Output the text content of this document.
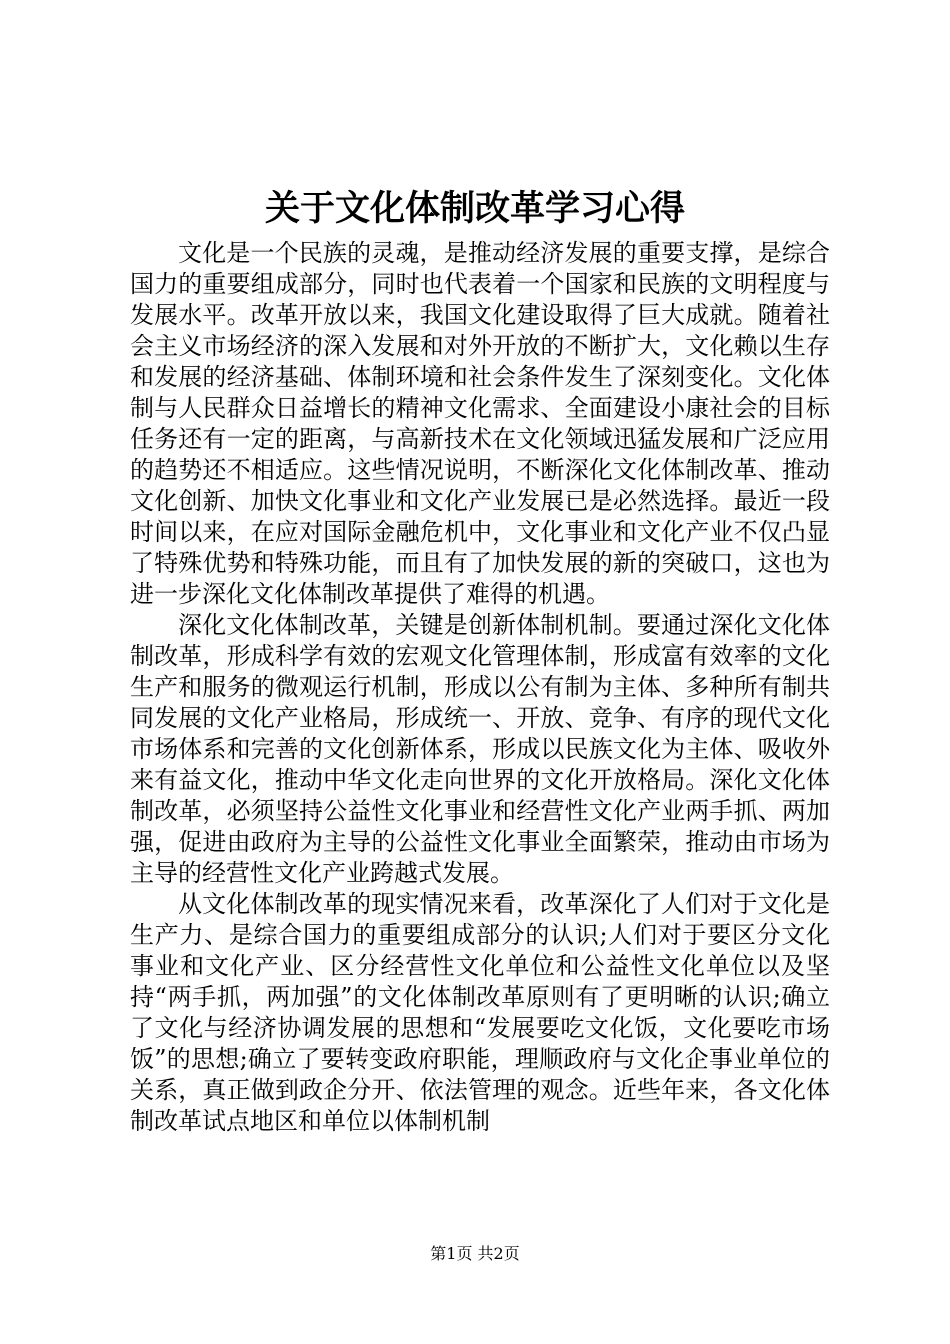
关于文化体制改革学习心得

文化是一个民族的灵魂，是推动经济发展的重要支撑，是综合国力的重要组成部分，同时也代表着一个国家和民族的文明程度与发展水平。改革开放以来，我国文化建设取得了巨大成就。随着社会主义市场经济的深入发展和对外开放的不断扩大，文化赖以生存和发展的经济基础、体制环境和社会条件发生了深刻变化。文化体制与人民群众日益增长的精神文化需求、全面建设小康社会的目标任务还有一定的距离，与高新技术在文化领域迅猛发展和广泛应用的趋势还不相适应。这些情况说明，不断深化文化体制改革、推动文化创新、加快文化事业和文化产业发展已是必然选择。最近一段时间以来，在应对国际金融危机中，文化事业和文化产业不仅凸显了特殊优势和特殊功能，而且有了加快发展的新的突破口，这也为进一步深化文化体制改革提供了难得的机遇。

深化文化体制改革，关键是创新体制机制。要通过深化文化体制改革，形成科学有效的宏观文化管理体制，形成富有效率的文化生产和服务的微观运行机制，形成以公有制为主体、多种所有制共同发展的文化产业格局，形成统一、开放、竞争、有序的现代文化市场体系和完善的文化创新体系，形成以民族文化为主体、吸收外来有益文化，推动中华文化走向世界的文化开放格局。深化文化体制改革，必须坚持公益性文化事业和经营性文化产业两手抓、两加强，促进由政府为主导的公益性文化事业全面繁荣，推动由市场为主导的经营性文化产业跨越式发展。

从文化体制改革的现实情况来看，改革深化了人们对于文化是生产力、是综合国力的重要组成部分的认识;人们对于要区分文化事业和文化产业、区分经营性文化单位和公益性文化单位以及坚持“两手抓，两加强”的文化体制改革原则有了更明晰的认识;确立了文化与经济协调发展的思想和“发展要吃文化饭，文化要吃市场饭”的思想;确立了要转变政府职能，理顺政府与文化企事业单位的关系，真正做到政企分开、依法管理的观念。近些年来，各文化体制改革试点地区和单位以体制机制

第1页 共2页
